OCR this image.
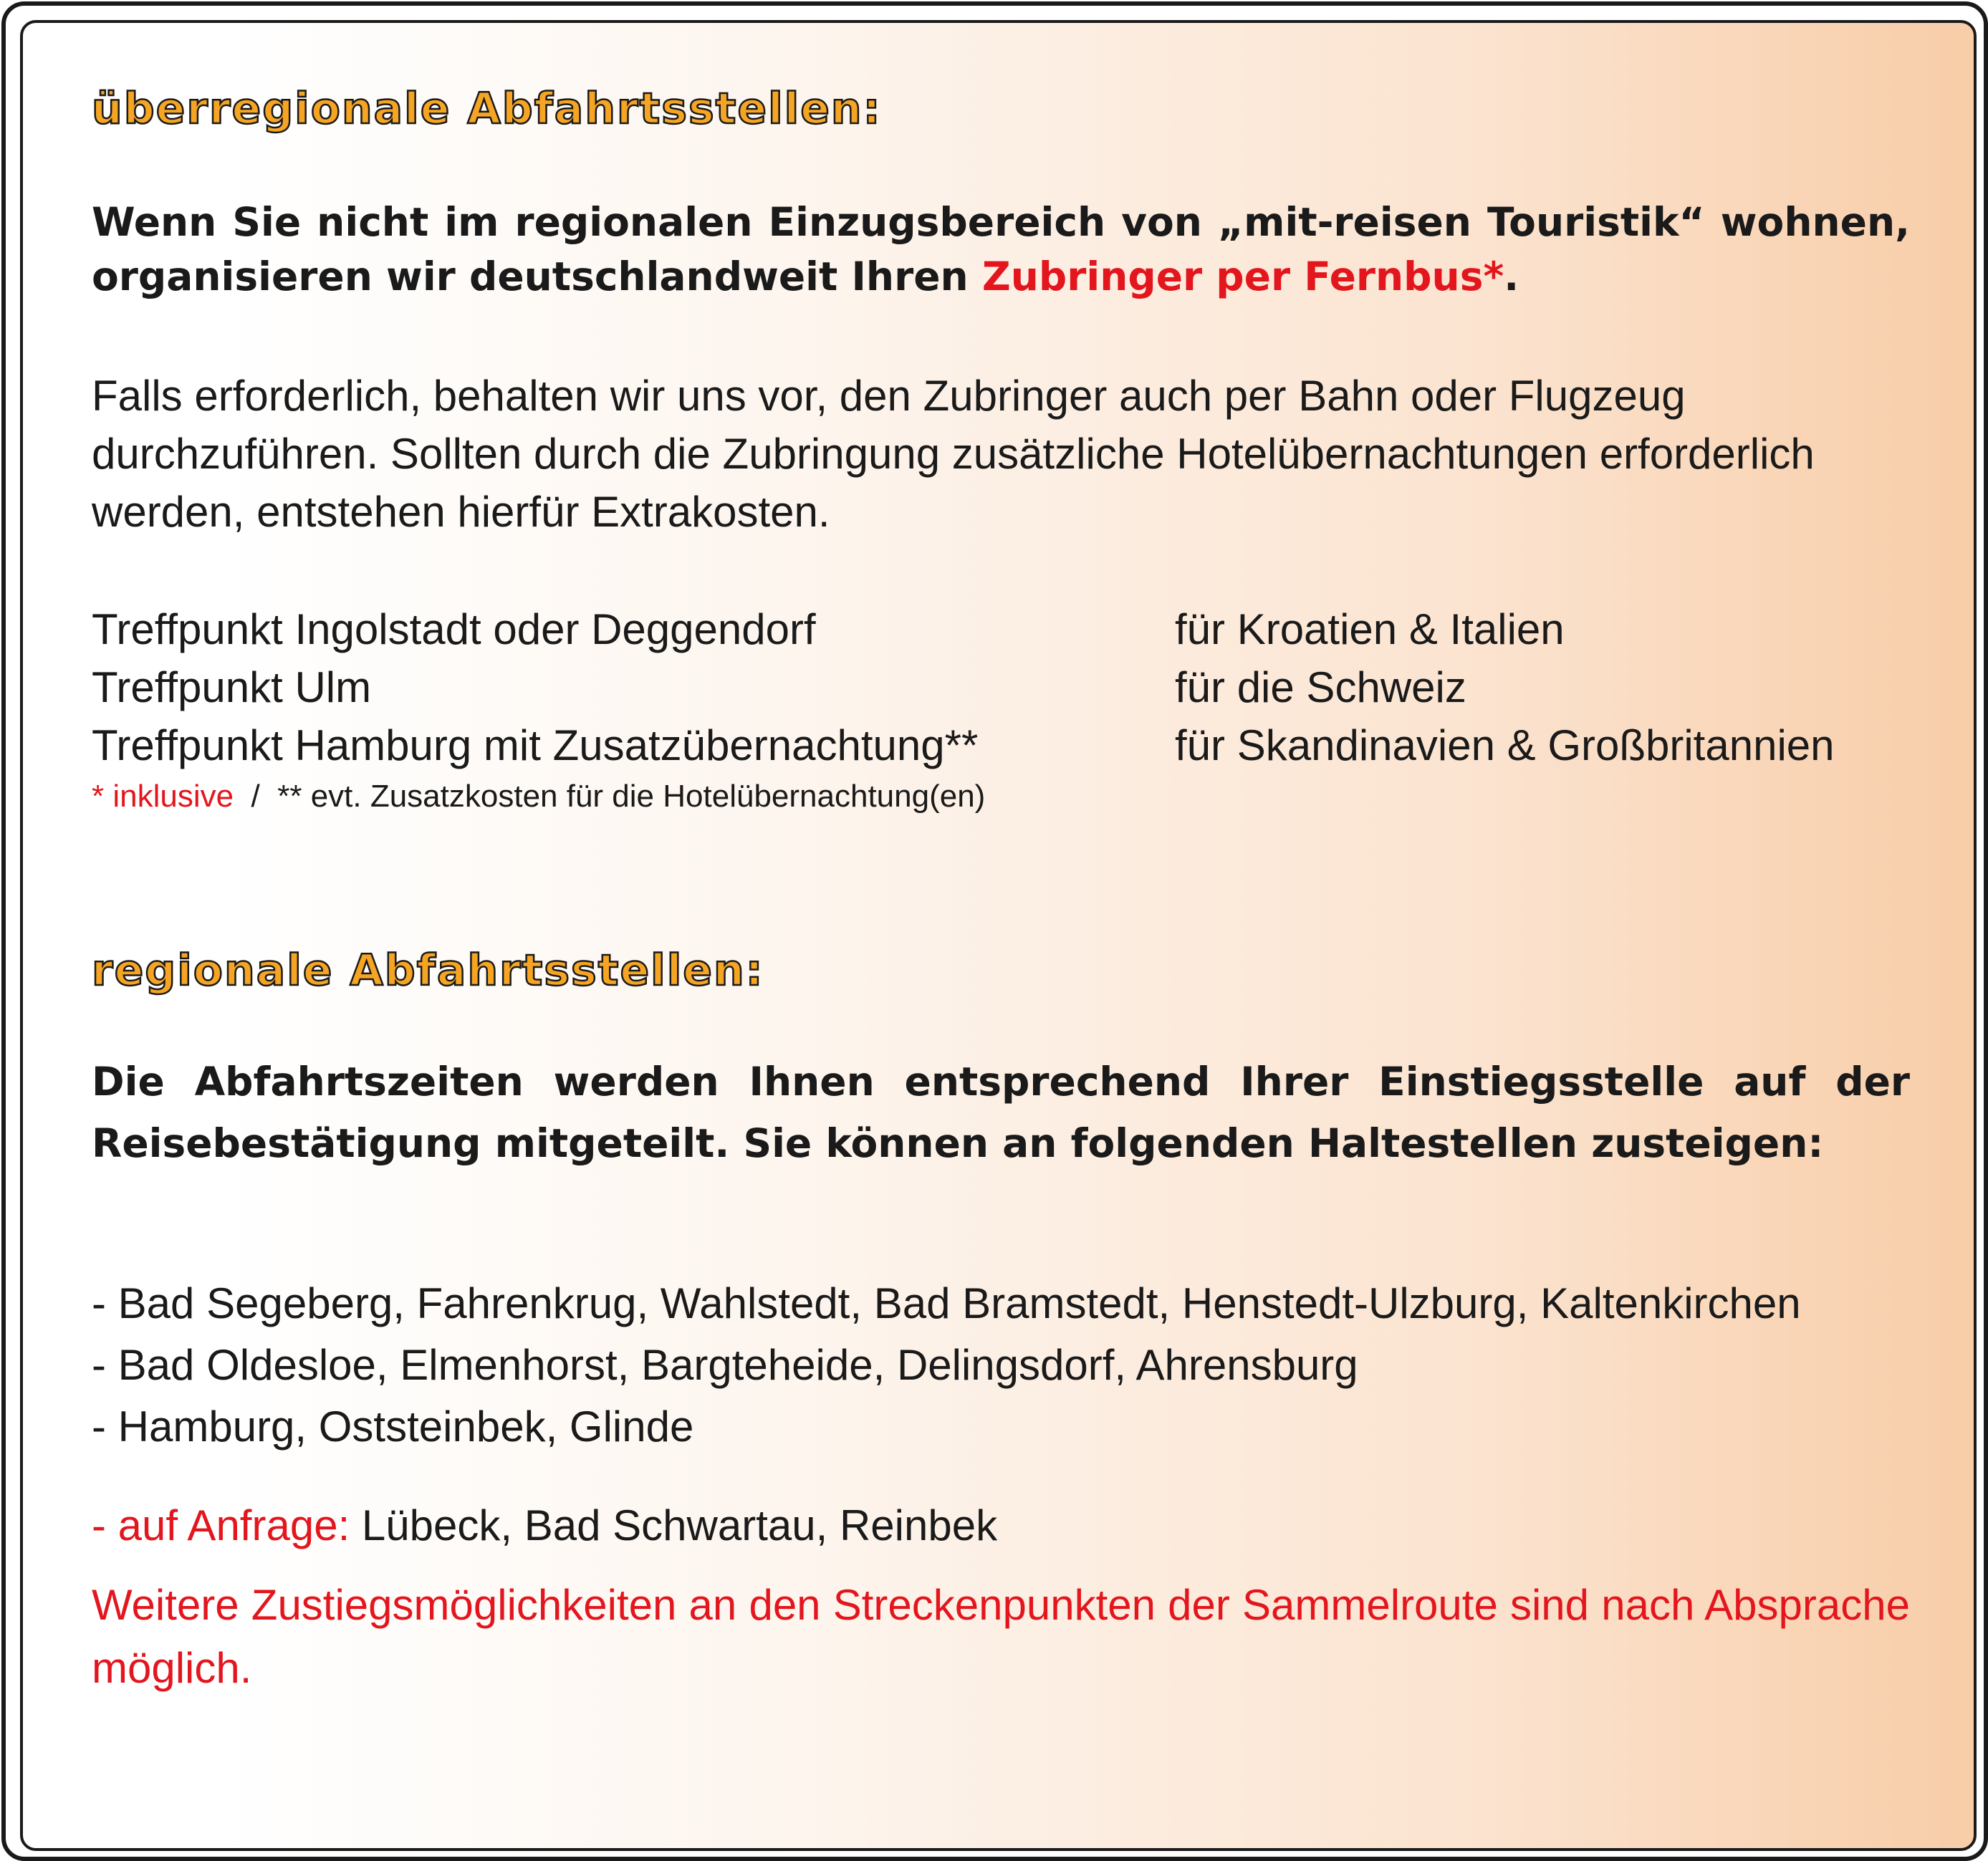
überregionale Abfahrtsstellen:

Wenn Sie nicht im regionalen Einzugsbereich von „mit-reisen Touristik“ wohnen, organisieren wir deutschlandweit Ihren Zubringer per Fernbus*.

Falls erforderlich, behalten wir uns vor, den Zubringer auch per Bahn oder Flugzeug durchzuführen. Sollten durch die Zubringung zusätzliche Hotelübernachtungen erforderlich werden, entstehen hierfür Extrakosten.

Treffpunkt Ingolstadt oder Deggendorf	für Kroatien & Italien
Treffpunkt Ulm	für die Schweiz
Treffpunkt Hamburg mit Zusatzübernachtung**	für Skandinavien & Großbritannien
* inklusive  /  ** evt. Zusatzkosten für die Hotelübernachtung(en)
regionale Abfahrtsstellen:

Die Abfahrtszeiten werden Ihnen entsprechend Ihrer Einstiegsstelle auf der Reisebestätigung mitgeteilt. Sie können an folgenden Haltestellen zusteigen:

- Bad Segeberg, Fahrenkrug, Wahlstedt, Bad Bramstedt, Henstedt-Ulzburg, Kaltenkirchen

- Bad Oldesloe, Elmenhorst, Bargteheide, Delingsdorf, Ahrensburg

- Hamburg, Oststeinbek, Glinde

- auf Anfrage: Lübeck, Bad Schwartau, Reinbek

Weitere Zustiegsmöglichkeiten an den Streckenpunkten der Sammelroute sind nach Absprache möglich.
